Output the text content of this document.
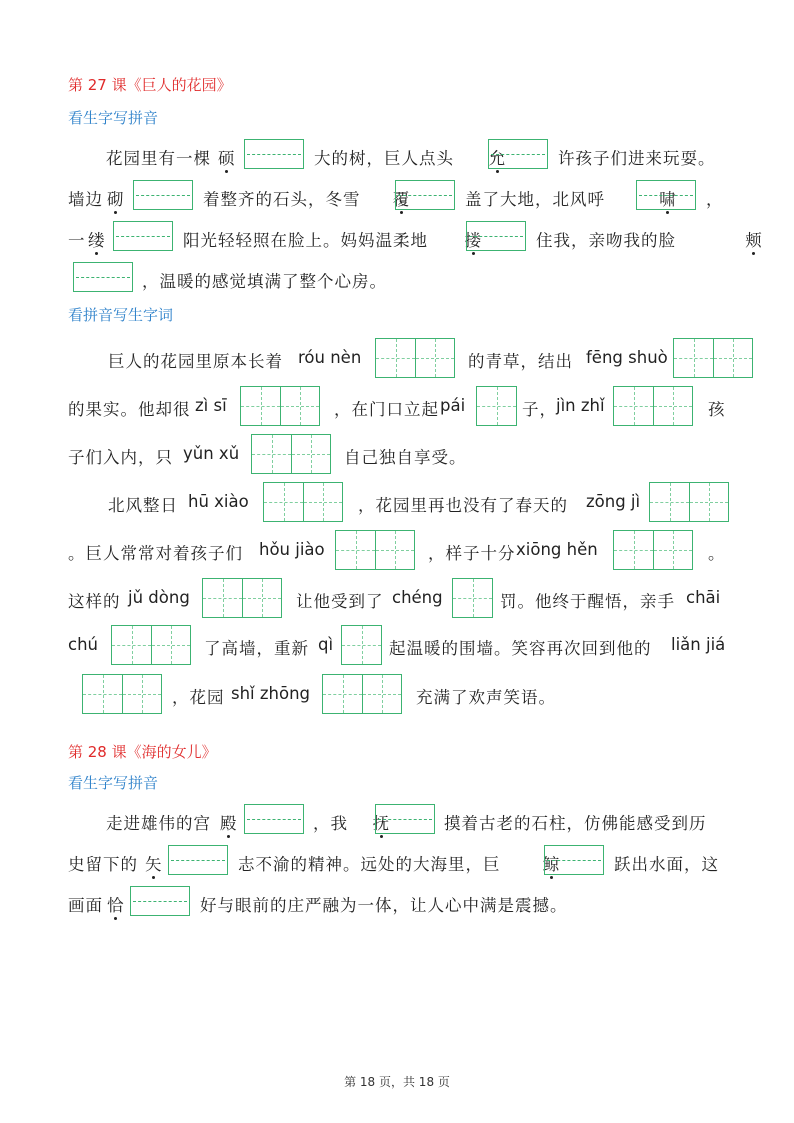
第 27 课《巨人的花园》
看生字写拼音
花园里有一棵 硕	大的树，巨人点头 允	许孩子们进来玩耍。
墙边 砌	着整齐的石头，冬雪 覆	盖了大地，北风呼	啸 ，
一 缕	阳光轻轻照在脸上。妈妈温柔地 搂	住我，亲吻我的脸	颊
，温暖的感觉填满了整个心房。
看拼音写生字词
巨人的花园里原本长着 róu nèn	的青草，结出 fēng shuò
的果实。他却很 zì sī	，在门口立起 pái	子， jìn zhǐ	孩
子们入内，只 yǔn xǔ	自己独自享受。
北风整日 hū xiào	，花园里再也没有了春天的 zōng jì
。巨人常常对着孩子们 hǒu jiào	，样子十分 xiōng hěn	。
这样的 jǔ dòng	让他受到了 chéng	罚。他终于醒悟，亲手 chāi
chú	了高墙，重新 qì	起温暖的围墙。笑容再次回到他的 liǎn jiá
，花园 shǐ zhōng	充满了欢声笑语。
第 28 课《海的女儿》
看生字写拼音
走进雄伟的宫 殿	，我 抚	摸着古老的石柱，仿佛能感受到历
史留下的 矢	志不渝的精神。远处的大海里，巨	鲸	跃出水面，这
画面 恰	好与眼前的庄严融为一体，让人心中满是震撼。
第 18 页，共 18 页
